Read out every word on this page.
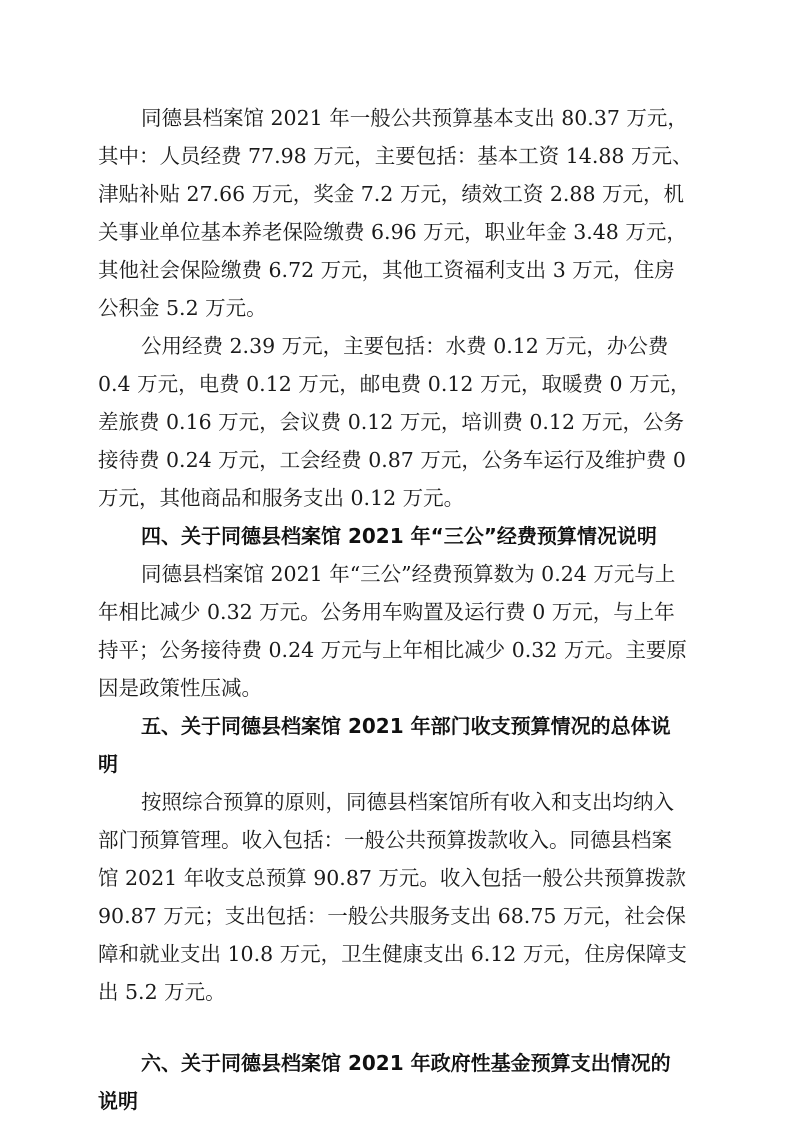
同德县档案馆 2021 年一般公共预算基本支出 80.37 万元，
其中：人员经费 77.98 万元，主要包括：基本工资 14.88 万元、
津贴补贴 27.66 万元，奖金 7.2 万元，绩效工资 2.88 万元，机
关事业单位基本养老保险缴费 6.96 万元，职业年金 3.48 万元，
其他社会保险缴费 6.72 万元，其他工资福利支出 3 万元，住房
公积金 5.2 万元。
公用经费 2.39 万元，主要包括：水费 0.12 万元，办公费
0.4 万元，电费 0.12 万元，邮电费 0.12 万元，取暖费 0 万元，
差旅费 0.16 万元，会议费 0.12 万元，培训费 0.12 万元，公务
接待费 0.24 万元，工会经费 0.87 万元，公务车运行及维护费 0
万元，其他商品和服务支出 0.12 万元。
四、关于同德县档案馆 2021 年“三公”经费预算情况说明
同德县档案馆 2021 年“三公”经费预算数为 0.24 万元与上
年相比减少 0.32 万元。公务用车购置及运行费 0 万元，与上年
持平；公务接待费 0.24 万元与上年相比减少 0.32 万元。主要原
因是政策性压减。
五、关于同德县档案馆 2021 年部门收支预算情况的总体说
明
按照综合预算的原则，同德县档案馆所有收入和支出均纳入
部门预算管理。收入包括：一般公共预算拨款收入。同德县档案
馆 2021 年收支总预算 90.87 万元。收入包括一般公共预算拨款
90.87 万元；支出包括：一般公共服务支出 68.75 万元，社会保
障和就业支出 10.8 万元，卫生健康支出 6.12 万元，住房保障支
出 5.2 万元。
六、关于同德县档案馆 2021 年政府性基金预算支出情况的
说明
